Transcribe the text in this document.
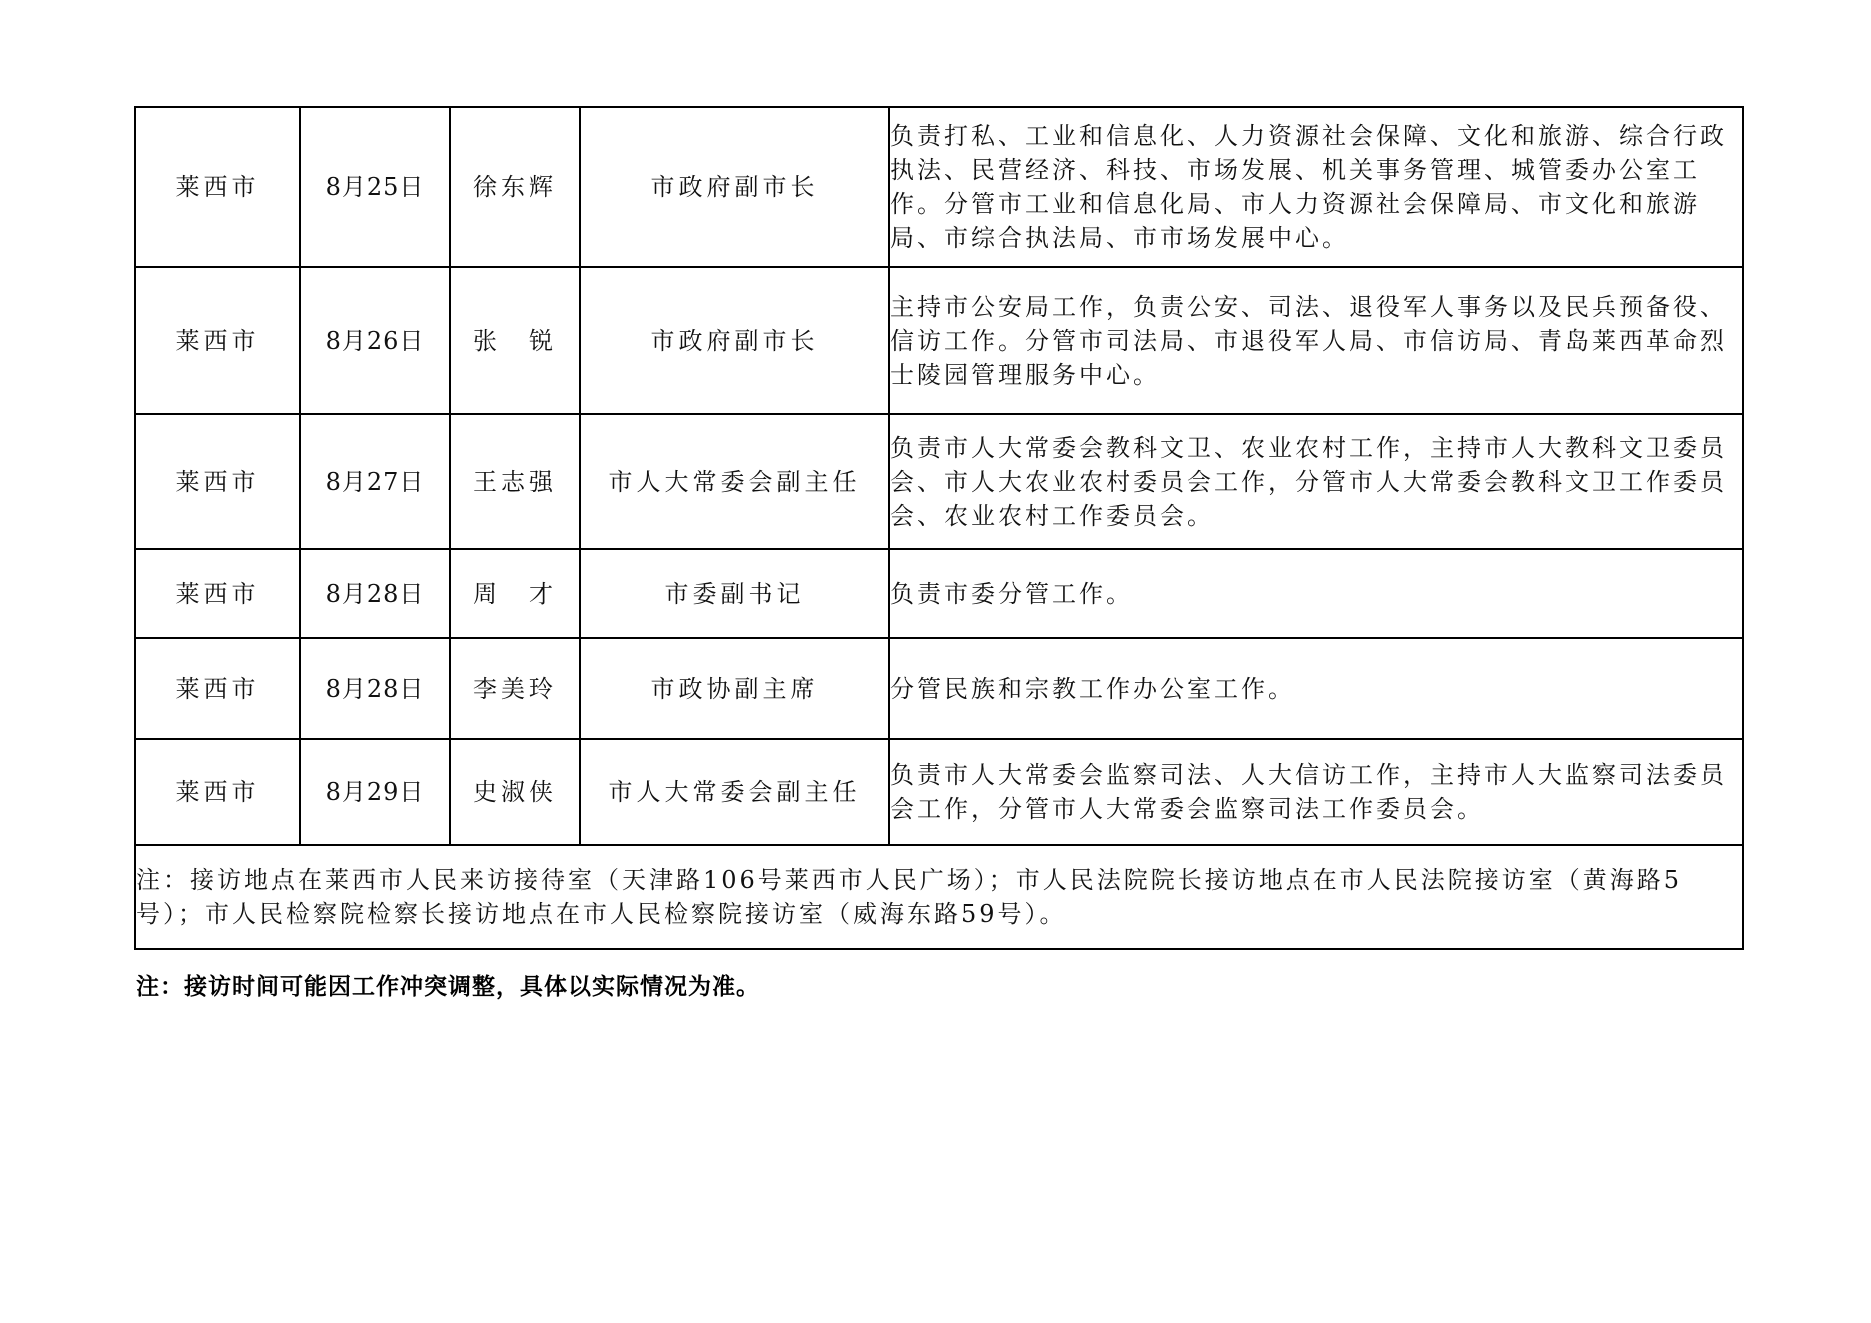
莱西市	8月25日	徐东辉	市政府副市长	负责打私、工业和信息化、人力资源社会保障、文化和旅游、综合行政执法、民营经济、科技、市场发展、机关事务管理、城管委办公室工作。分管市工业和信息化局、市人力资源社会保障局、市文化和旅游局、市综合执法局、市市场发展中心。
莱西市	8月26日	张　锐	市政府副市长	主持市公安局工作，负责公安、司法、退役军人事务以及民兵预备役、信访工作。分管市司法局、市退役军人局、市信访局、青岛莱西革命烈士陵园管理服务中心。
莱西市	8月27日	王志强	市人大常委会副主任	负责市人大常委会教科文卫、农业农村工作，主持市人大教科文卫委员会、市人大农业农村委员会工作，分管市人大常委会教科文卫工作委员会、农业农村工作委员会。
莱西市	8月28日	周　才	市委副书记	负责市委分管工作。
莱西市	8月28日	李美玲	市政协副主席	分管民族和宗教工作办公室工作。
莱西市	8月29日	史淑侠	市人大常委会副主任	负责市人大常委会监察司法、人大信访工作，主持市人大监察司法委员会工作，分管市人大常委会监察司法工作委员会。
注：接访地点在莱西市人民来访接待室（天津路106号莱西市人民广场）；市人民法院院长接访地点在市人民法院接访室（黄海路5号）；市人民检察院检察长接访地点在市人民检察院接访室（威海东路59号）。				
注：接访时间可能因工作冲突调整，具体以实际情况为准。
